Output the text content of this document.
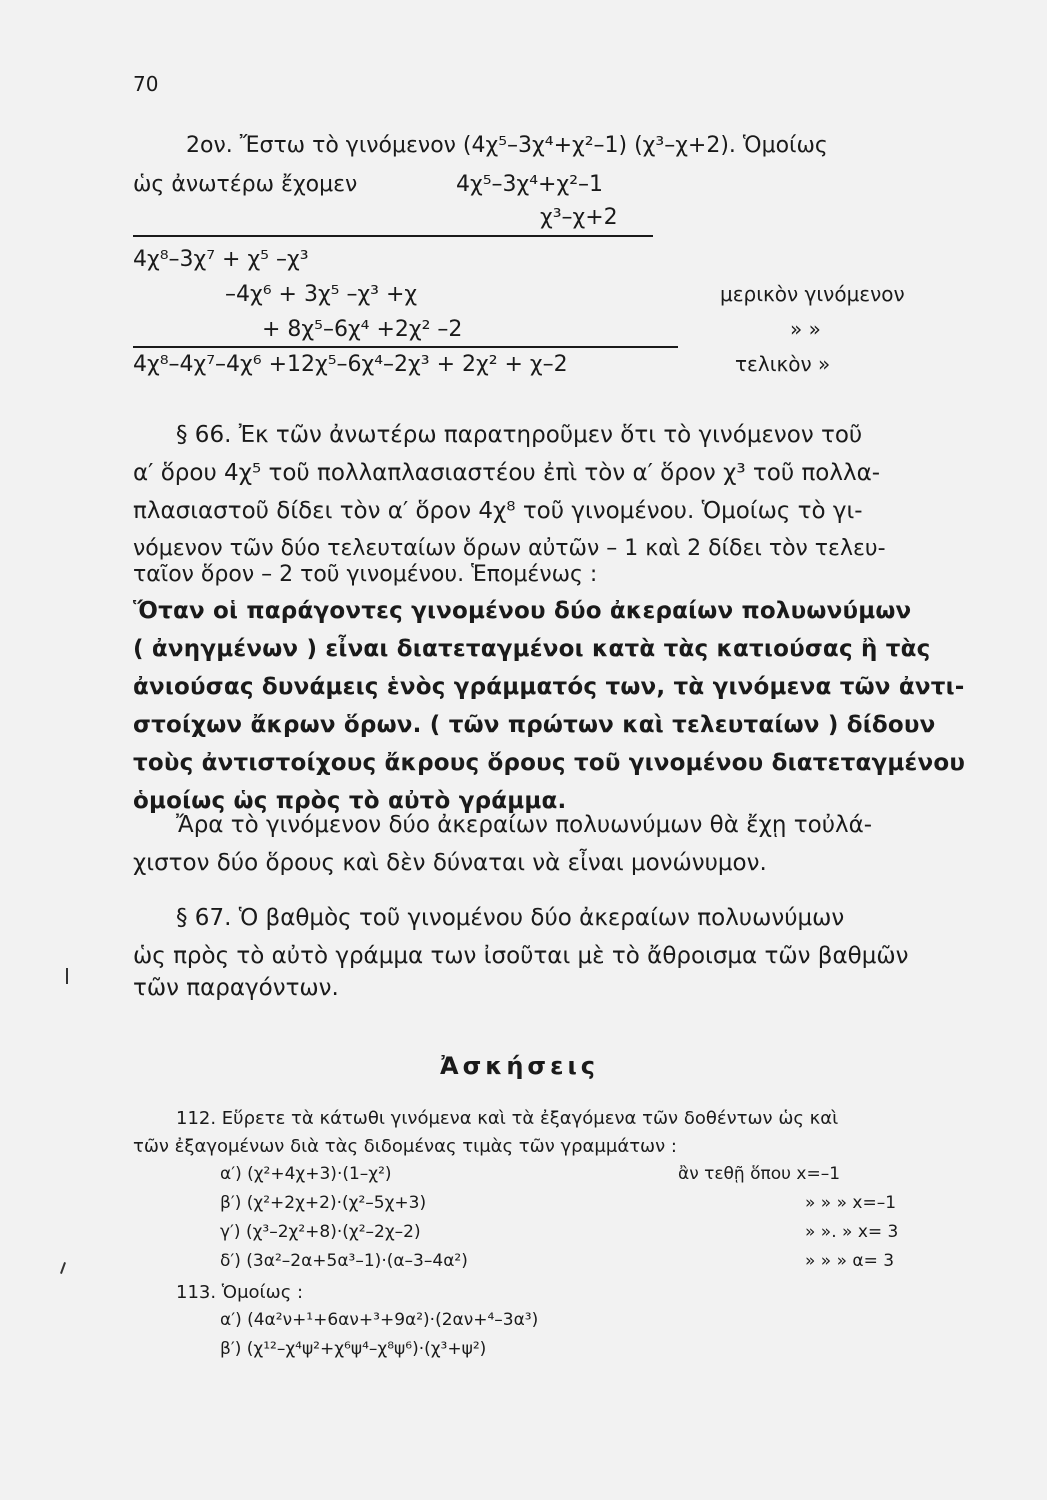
70
2ον. Ἔστω τὸ γινόμενον (4χ⁵–3χ⁴+χ²–1) (χ³–χ+2). Ὁμοίως
ὡς ἀνωτέρω ἔχομεν	4χ⁵–3χ⁴+χ²–1
χ³–χ+2
4χ⁸–3χ⁷ + χ⁵ –χ³
–4χ⁶ + 3χ⁵ –χ³ +χ	μερικὸν γινόμενον
+ 8χ⁵–6χ⁴ +2χ² –2	» »
4χ⁸–4χ⁷–4χ⁶ +12χ⁵–6χ⁴–2χ³ + 2χ² + χ–2	τελικὸν »
§ 66. Ἐκ τῶν ἀνωτέρω παρατηροῦμεν ὅτι τὸ γινόμενον τοῦ
α′ ὅρου 4χ⁵ τοῦ πολλαπλασιαστέου ἐπὶ τὸν α′ ὅρον χ³ τοῦ πολλα-
πλασιαστοῦ δίδει τὸν α′ ὅρον 4χ⁸ τοῦ γινομένου. Ὁμοίως τὸ γι-
νόμενον τῶν δύο τελευταίων ὅρων αὐτῶν – 1 καὶ 2 δίδει τὸν τελευ-
ταῖον ὅρον – 2 τοῦ γινομένου. Ἑπομένως :
Ὅταν οἱ παράγοντες γινομένου δύο ἀκεραίων πολυωνύμων
( ἀνηγμένων ) εἶναι διατεταγμένοι κατὰ τὰς κατιούσας ἢ τὰς
ἀνιούσας δυνάμεις ἑνὸς γράμματός των, τὰ γινόμενα τῶν ἀντι-
στοίχων ἄκρων ὅρων. ( τῶν πρώτων καὶ τελευταίων ) δίδουν
τοὺς ἀντιστοίχους ἄκρους ὅρους τοῦ γινομένου διατεταγμένου
ὁμοίως ὡς πρὸς τὸ αὐτὸ γράμμα.
Ἄρα τὸ γινόμενον δύο ἀκεραίων πολυωνύμων θὰ ἔχῃ τοὐλά-
χιστον δύο ὅρους καὶ δὲν δύναται νὰ εἶναι μονώνυμον.
§ 67. Ὁ βαθμὸς τοῦ γινομένου δύο ἀκεραίων πολυωνύμων
ὡς πρὸς τὸ αὐτὸ γράμμα των ἰσοῦται μὲ τὸ ἄθροισμα τῶν βαθμῶν
τῶν παραγόντων.
Ἀσκήσεις
112. Εὕρετε τὰ κάτωθι γινόμενα καὶ τὰ ἐξαγόμενα τῶν δοθέντων ὡς καὶ
τῶν ἐξαγομένων διὰ τὰς διδομένας τιμὰς τῶν γραμμάτων :
α′) (χ²+4χ+3)·(1–χ²)	ἂν τεθῇ ὅπου x=–1
β′) (χ²+2χ+2)·(χ²–5χ+3)	» » » x=–1
γ′) (χ³–2χ²+8)·(χ²–2χ–2)	» ». » x= 3
δ′) (3α²–2α+5α³–1)·(α–3–4α²)	» » » α= 3
113. Ὁμοίως :
α′) (4α²ν+¹+6αν+³+9α²)·(2αν+⁴–3α³)
β′) (χ¹²–χ⁴ψ²+χ⁶ψ⁴–χ⁸ψ⁶)·(χ³+ψ²)
